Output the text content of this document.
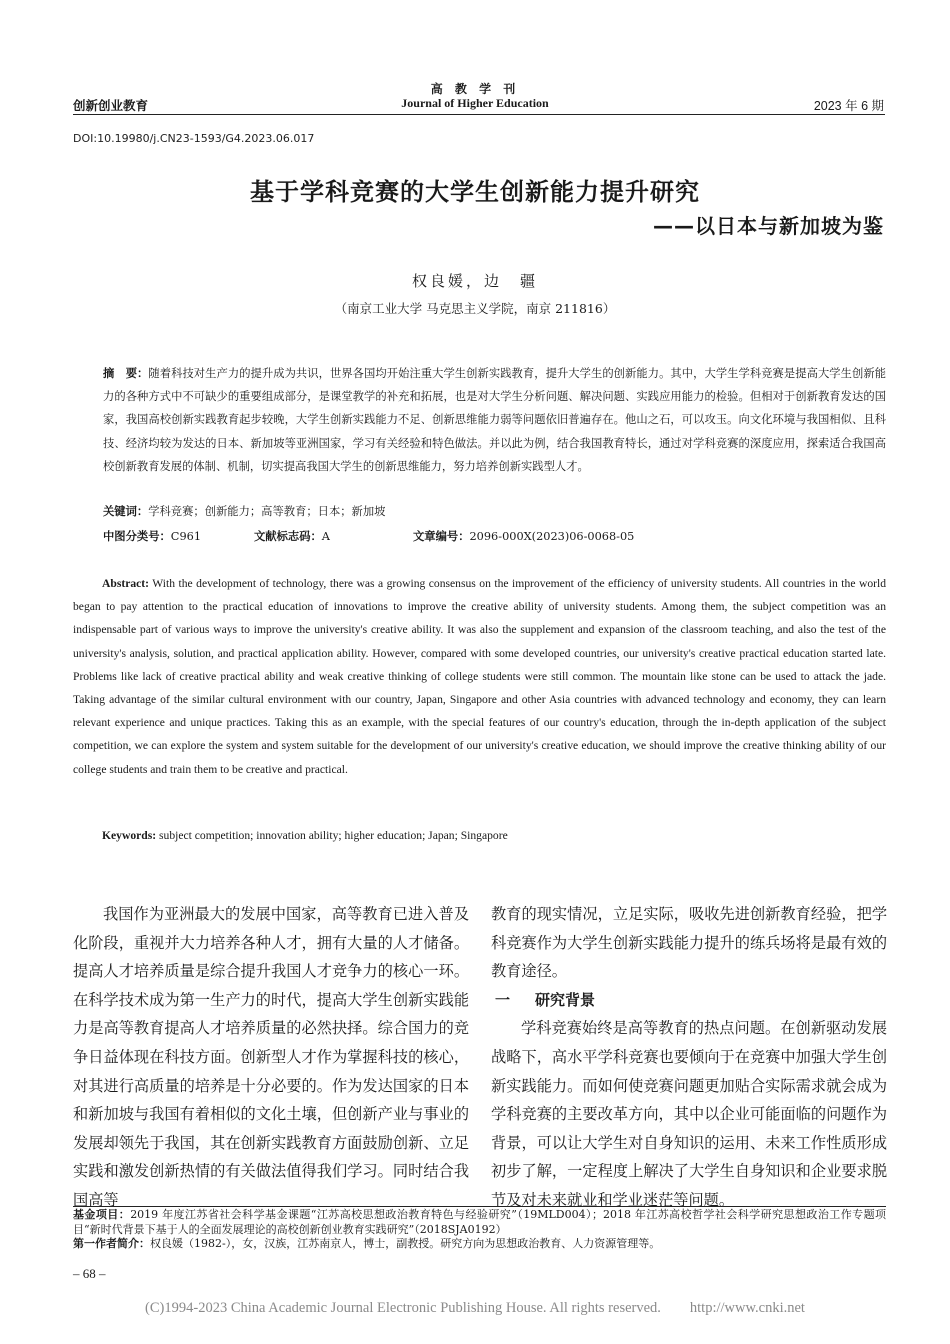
高 教 学 刊
Journal of Higher Education
创新创业教育	2023 年 6 期
DOI:10.19980/j.CN23-1593/G4.2023.06.017
基于学科竞赛的大学生创新能力提升研究
——以日本与新加坡为鉴
权良媛，边　疆
（南京工业大学 马克思主义学院，南京 211816）
摘　要：随着科技对生产力的提升成为共识，世界各国均开始注重大学生创新实践教育，提升大学生的创新能力。其中，大学生学科竞赛是提高大学生创新能力的各种方式中不可缺少的重要组成部分，是课堂教学的补充和拓展，也是对大学生分析问题、解决问题、实践应用能力的检验。但相对于创新教育发达的国家，我国高校创新实践教育起步较晚，大学生创新实践能力不足、创新思维能力弱等问题依旧普遍存在。他山之石，可以攻玉。向文化环境与我国相似、且科技、经济均较为发达的日本、新加坡等亚洲国家，学习有关经验和特色做法。并以此为例，结合我国教育特长，通过对学科竞赛的深度应用，探索适合我国高校创新教育发展的体制、机制，切实提高我国大学生的创新思维能力，努力培养创新实践型人才。
关键词：学科竞赛；创新能力；高等教育；日本；新加坡
中图分类号：C961	文献标志码：A	文章编号：2096-000X(2023)06-0068-05
Abstract: With the development of technology, there was a growing consensus on the improvement of the efficiency of university students. All countries in the world began to pay attention to the practical education of innovations to improve the creative ability of university students. Among them, the subject competition was an indispensable part of various ways to improve the university's creative ability. It was also the supplement and expansion of the classroom teaching, and also the test of the university's analysis, solution, and practical application ability. However, compared with some developed countries, our university's creative practical education started late. Problems like lack of creative practical ability and weak creative thinking of college students were still common. The mountain like stone can be used to attack the jade. Taking advantage of the similar cultural environment with our country, Japan, Singapore and other Asia countries with advanced technology and economy, they can learn relevant experience and unique practices. Taking this as an example, with the special features of our country's education, through the in-depth application of the subject competition, we can explore the system and system suitable for the development of our university's creative education, we should improve the creative thinking ability of our college students and train them to be creative and practical.
Keywords: subject competition; innovation ability; higher education; Japan; Singapore

我国作为亚洲最大的发展中国家，高等教育已进入普及化阶段，重视并大力培养各种人才，拥有大量的人才储备。提高人才培养质量是综合提升我国人才竞争力的核心一环。在科学技术成为第一生产力的时代，提高大学生创新实践能力是高等教育提高人才培养质量的必然抉择。综合国力的竞争日益体现在科技方面。创新型人才作为掌握科技的核心，对其进行高质量的培养是十分必要的。作为发达国家的日本和新加坡与我国有着相似的文化土壤，但创新产业与事业的发展却领先于我国，其在创新实践教育方面鼓励创新、立足实践和激发创新热情的有关做法值得我们学习。同时结合我国高等

教育的现实情况，立足实际，吸收先进创新教育经验，把学科竞赛作为大学生创新实践能力提升的练兵场将是最有效的教育途径。

一 研究背景

学科竞赛始终是高等教育的热点问题。在创新驱动发展战略下，高水平学科竞赛也要倾向于在竞赛中加强大学生创新实践能力。而如何使竞赛问题更加贴合实际需求就会成为学科竞赛的主要改革方向，其中以企业可能面临的问题作为背景，可以让大学生对自身知识的运用、未来工作性质形成初步了解，一定程度上解决了大学生自身知识和企业要求脱节及对未来就业和学业迷茫等问题。

基金项目：2019 年度江苏省社会科学基金课题“江苏高校思想政治教育特色与经验研究”（19MLD004）；2018 年江苏高校哲学社会科学研究思想政治工作专题项目“新时代背景下基于人的全面发展理论的高校创新创业教育实践研究”（2018SJA0192）

第一作者简介：权良媛（1982-），女，汉族，江苏南京人，博士，副教授。研究方向为思想政治教育、人力资源管理等。

– 68 –
(C)1994-2023 China Academic Journal Electronic Publishing House. All rights reserved.　　http://www.cnki.net
